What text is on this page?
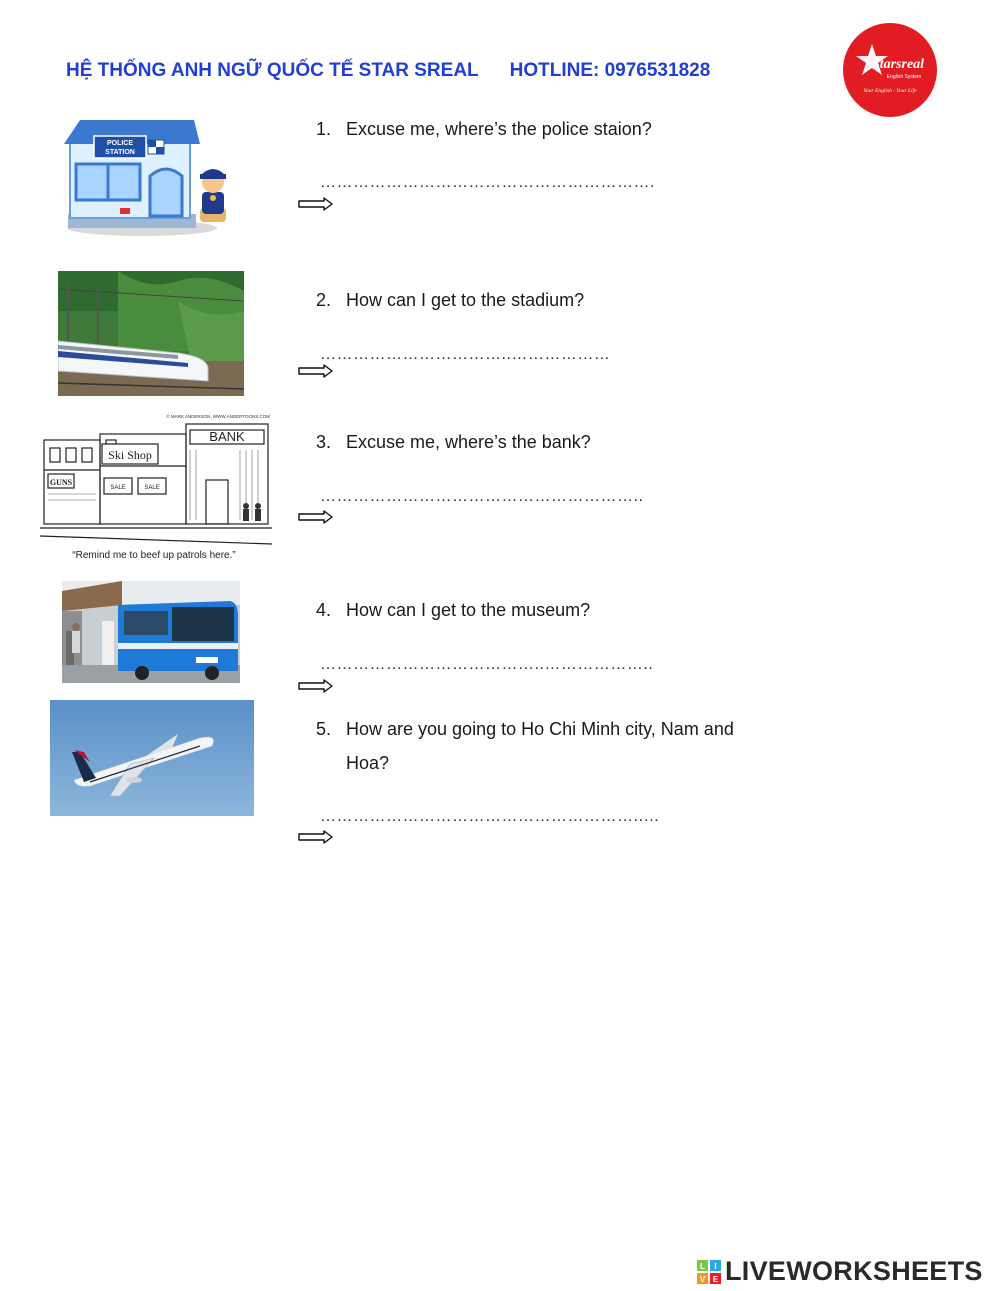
HỆ THỐNG ANH NGỮ QUỐC TẾ STAR SREAL HOTLINE: 0976531828	Starsreal
English System
Your English - Your Life
POLICE
STATION
© MARK ANDERSON, WWW.ANDERTOONS.COM
Ski Shop
BANK
GUNS
SALE	SALE
“Remind me to beef up patrols here.”
1. Excuse me, where’s the police staion?
…………………………………………………….
2. How can I get to the stadium?
……………………………..………………
3. Excuse me, where’s the bank?
…………………………………………………..
4. How can I get to the museum?
…………………………………..………………..
5. How are you going to Ho Chi Minh city, Nam and
Hoa?
…………………………………………………..…
L I
V E LIVEWORKSHEETS
